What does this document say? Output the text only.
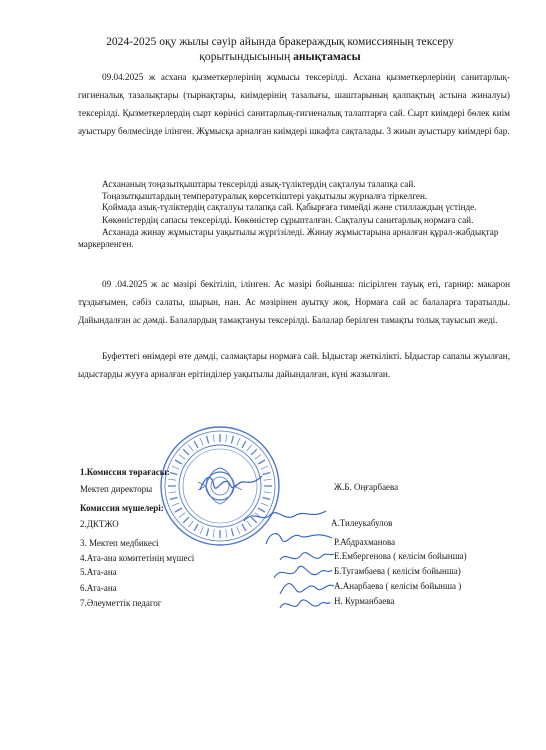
2024-2025 оқу жылы сәуір айында бракераждық комиссияның тексеру
қорытындысының анықтамасы
09.04.2025 ж асхана қызметкерлерінің жұмысы тексерілді. Асхана қызметкерлерінің санитарлық-гигиеналық тазалықтары (тырнақтары, киімдерінің тазалығы, шаштарының қалпақтың астына жиналуы) тексерілді. Қызметкерлердің сырт көрінісі санитарлық-гигиеналық талаптарға сай. Сырт киімдері бөлек киім ауыстыру бөлмесінде ілінген. Жұмысқа арналған киімдері шкафта сақталады. 3 жиын ауыстыру киімдері бар.

Асхананың тоңазытқыштары тексерілді азық-түліктердің сақталуы талапқа сай.

Тоңазытқыштардың температуралық көрсеткіштері уақытылы журналға тіркелген.

Қоймада азық-түліктердің сақталуы талапқа сай. Қабырғаға тимейді және стиллаждың үстінде.

Көкөністердің сапасы тексерілді. Көкөністер сұрыпталған. Сақталуы санитарлық нормаға сай.

Асханада жинау жұмыстары уақытылы жүргізіледі. Жинау жұмыстарына арналған құрал-жабдықтар маркерленген.

09 .04.2025 ж ас мәзірі бекітіліп, ілінген. Ас мәзірі бойынша: пісірілген тауық еті, гарнир: макарон тұздығымен, сәбіз салаты, шырын, нан. Ас мәзірінен ауытқу жоқ. Нормаға сай ас балаларға таратылды. Дайындалған ас дәмді. Балалардың тамақтануы тексерілді. Балалар берілген тамақты толық тауысып жеді.
Буфеттегі өнімдері өте дәмді, салмақтары нормаға сай. Ыдыстар жеткілікті. Ыдыстар сапалы жуылған, ыдыстарды жууға арналған ерітінділер уақытылы дайындалған, күні жазылған.
1.Комиссия төрағасы:
Мектеп директоры	Ж.Б. Оңғарбаева
Комиссия мүшелері:
2.ДКТЖО	А.Тилеукабулов
3. Мектеп медбикесі	Р.Абдрахманова
4.Ата-ана комитетінің мүшесі	Е.Ембергенова ( келісім бойынша)
5.Ата-ана	Б.Тугамбаева ( келісім бойынша)
6.Ата-ана	А.Анарбаева ( келісім бойынша )
7.Әлеуметтік педагог	Н. Курманбаева
